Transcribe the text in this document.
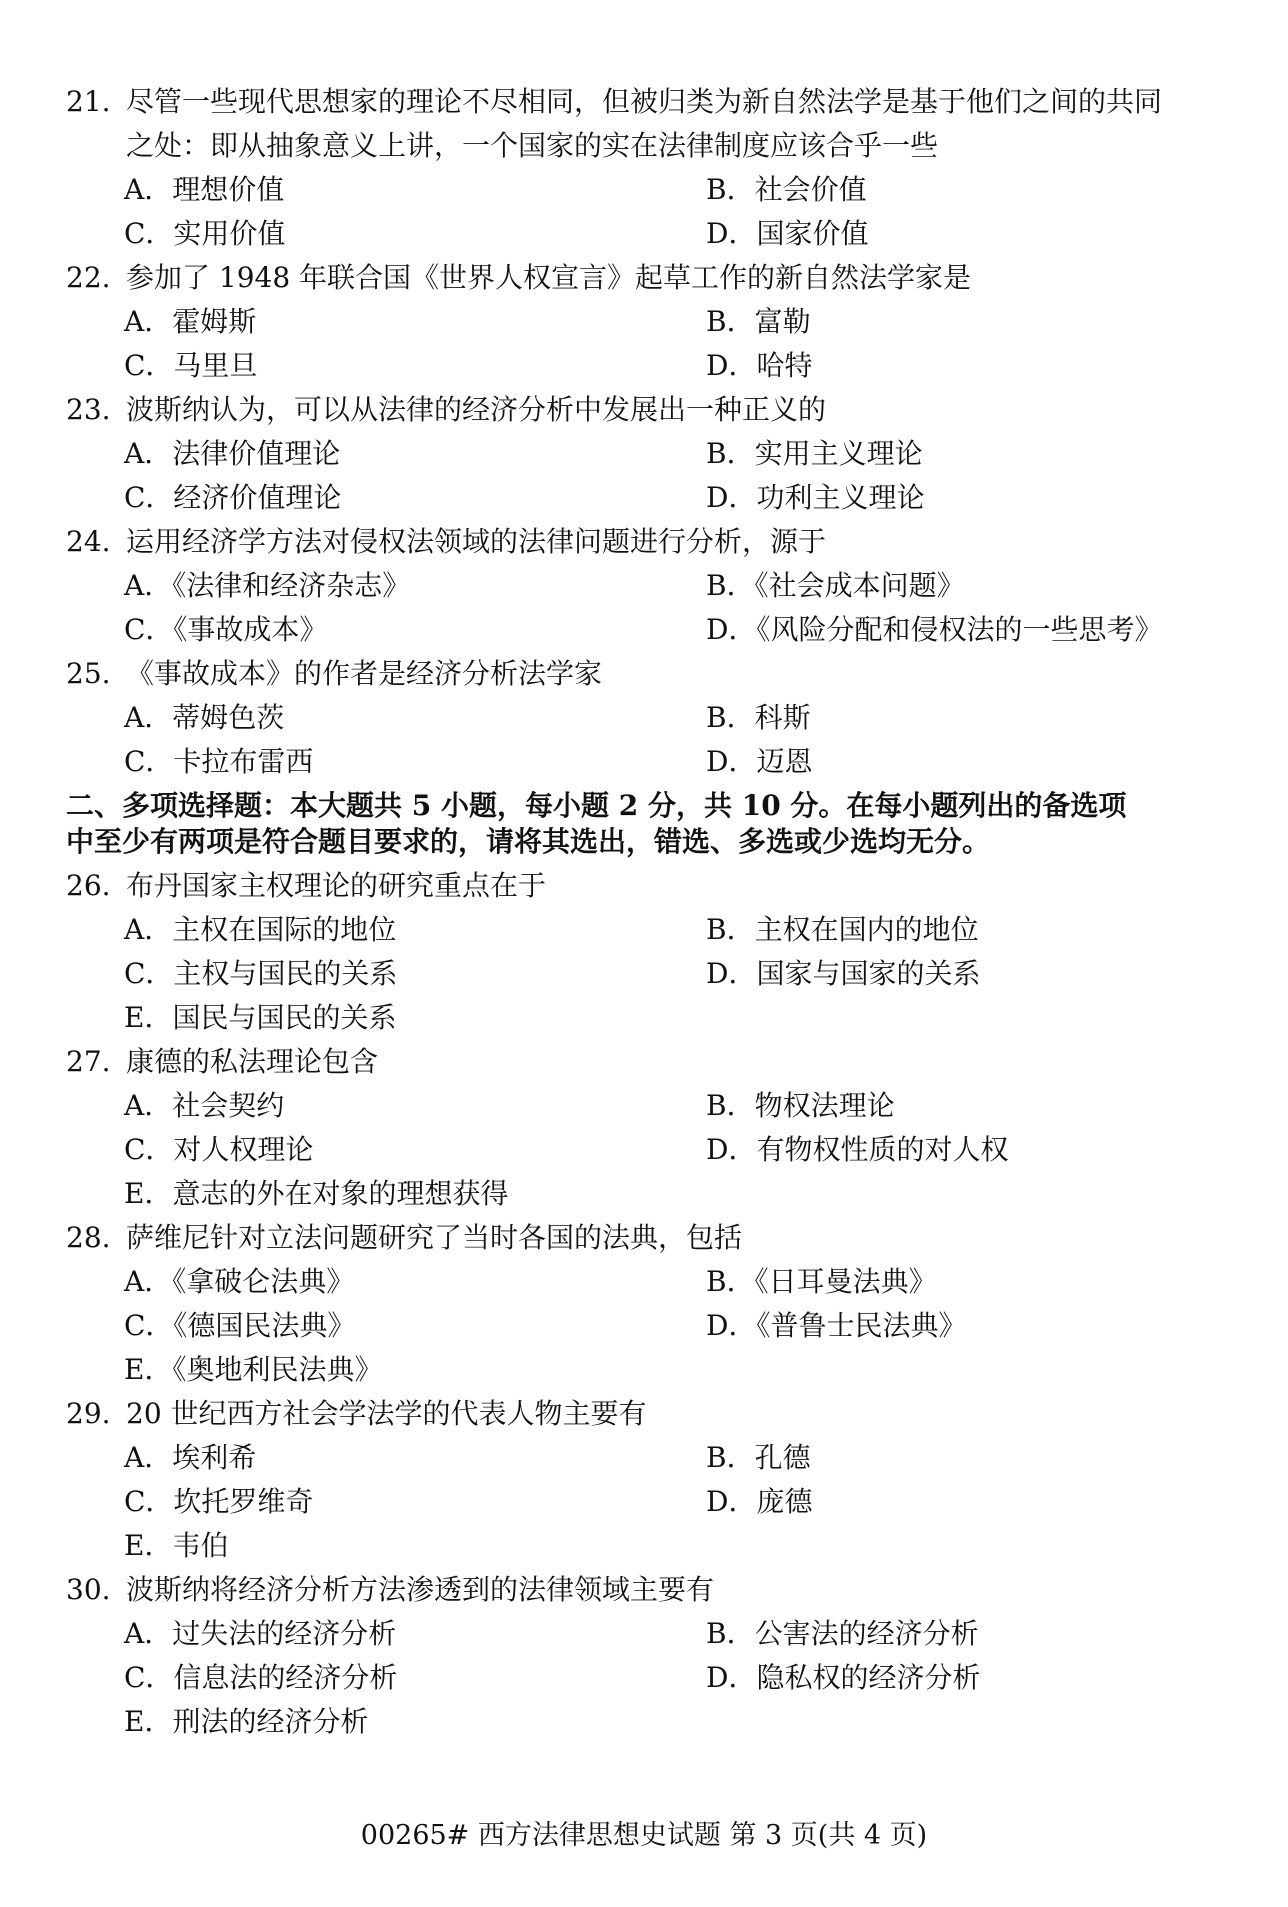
21. 尽管一些现代思想家的理论不尽相同，但被归类为新自然法学是基于他们之间的共同之处：即从抽象意义上讲，一个国家的实在法律制度应该合乎一些
A．理想价值	B．社会价值
C．实用价值	D．国家价值
22. 参加了 1948 年联合国《世界人权宣言》起草工作的新自然法学家是
A．霍姆斯	B．富勒
C．马里旦	D．哈特
23. 波斯纳认为，可以从法律的经济分析中发展出一种正义的
A．法律价值理论	B．实用主义理论
C．经济价值理论	D．功利主义理论
24. 运用经济学方法对侵权法领域的法律问题进行分析，源于
A．《法律和经济杂志》	B．《社会成本问题》
C．《事故成本》	D．《风险分配和侵权法的一些思考》
25. 《事故成本》的作者是经济分析法学家
A．蒂姆色茨	B．科斯
C．卡拉布雷西	D．迈恩
二、多项选择题：本大题共 5 小题，每小题 2 分，共 10 分。在每小题列出的备选项中至少有两项是符合题目要求的，请将其选出，错选、多选或少选均无分。
26. 布丹国家主权理论的研究重点在于
A．主权在国际的地位	B．主权在国内的地位
C．主权与国民的关系	D．国家与国家的关系
E．国民与国民的关系
27. 康德的私法理论包含
A．社会契约	B．物权法理论
C．对人权理论	D．有物权性质的对人权
E．意志的外在对象的理想获得
28. 萨维尼针对立法问题研究了当时各国的法典，包括
A．《拿破仑法典》	B．《日耳曼法典》
C．《德国民法典》	D．《普鲁士民法典》
E．《奥地利民法典》
29. 20 世纪西方社会学法学的代表人物主要有
A．埃利希	B．孔德
C．坎托罗维奇	D．庞德
E．韦伯
30. 波斯纳将经济分析方法渗透到的法律领域主要有
A．过失法的经济分析	B．公害法的经济分析
C．信息法的经济分析	D．隐私权的经济分析
E．刑法的经济分析
00265# 西方法律思想史试题 第 3 页(共 4 页)
